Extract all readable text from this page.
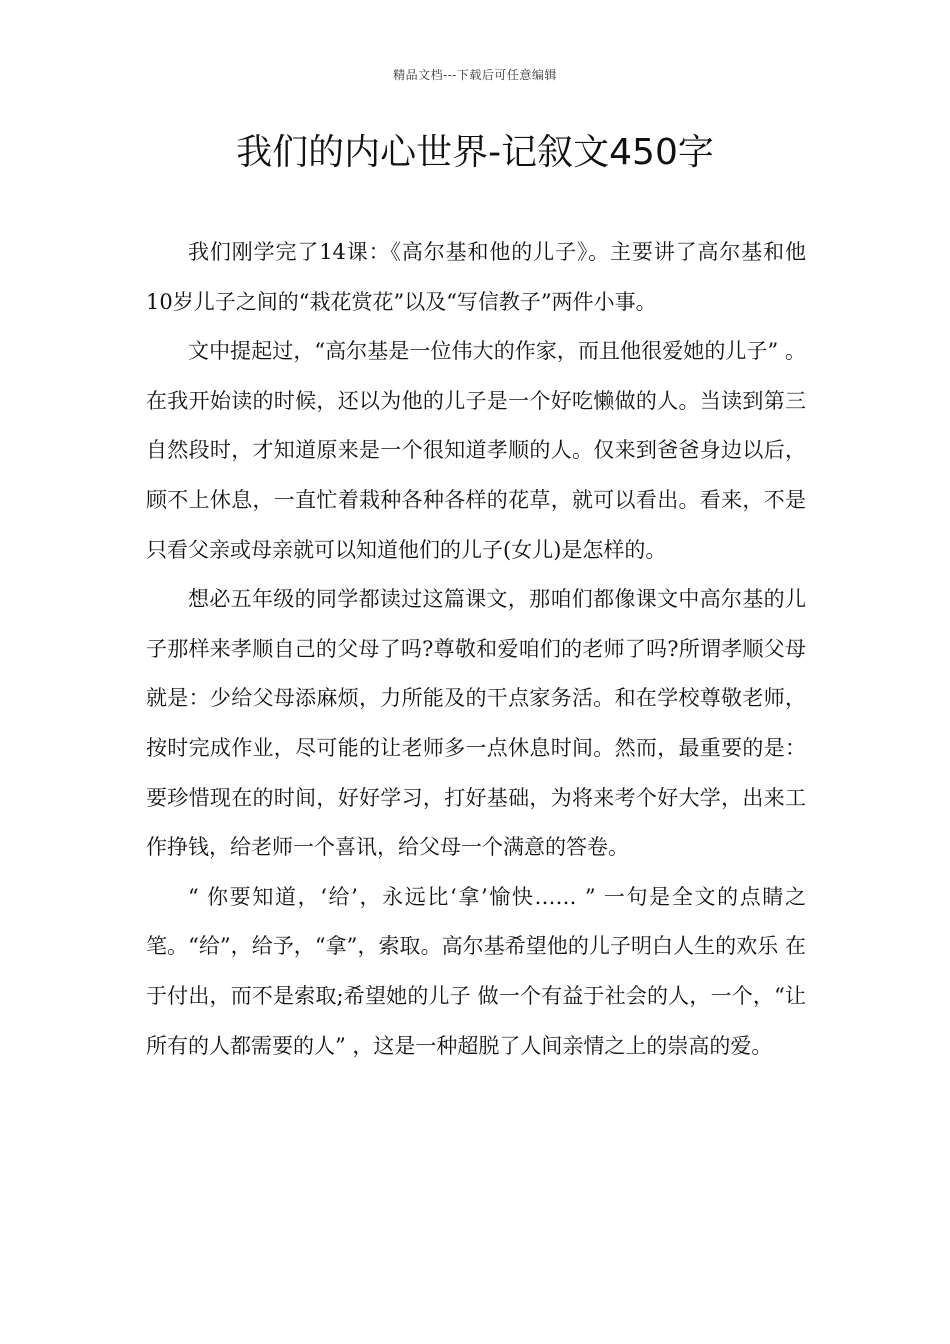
精品文档---下载后可任意编辑
我们的内心世界-记叙文450字

我们刚学完了14课：《高尔基和他的儿子》。主要讲了高尔基和他10岁儿子之间的“栽花赏花”以及“写信教子”两件小事。

文中提起过，“高尔基是一位伟大的作家，而且他很爱她的儿子” 。在我开始读的时候，还以为他的儿子是一个好吃懒做的人。当读到第三自然段时，才知道原来是一个很知道孝顺的人。仅来到爸爸身边以后，顾不上休息，一直忙着栽种各种各样的花草，就可以看出。看来，不是只看父亲或母亲就可以知道他们的儿子(女儿)是怎样的。

想必五年级的同学都读过这篇课文，那咱们都像课文中高尔基的儿子那样来孝顺自己的父母了吗?尊敬和爱咱们的老师了吗?所谓孝顺父母就是：少给父母添麻烦，力所能及的干点家务活。和在学校尊敬老师，按时完成作业，尽可能的让老师多一点休息时间。然而，最重要的是：要珍惜现在的时间，好好学习，打好基础，为将来考个好大学，出来工作挣钱，给老师一个喜讯，给父母一个满意的答卷。

“ 你要知道，‘给’，永远比‘拿’愉快…… ” 一句是全文的点睛之笔。“给”，给予，“拿”，索取。高尔基希望他的儿子明白人生的欢乐 在于付出，而不是索取;希望她的儿子 做一个有益于社会的人，一个，“让所有的人都需要的人” ，这是一种超脱了人间亲情之上的崇高的爱。
